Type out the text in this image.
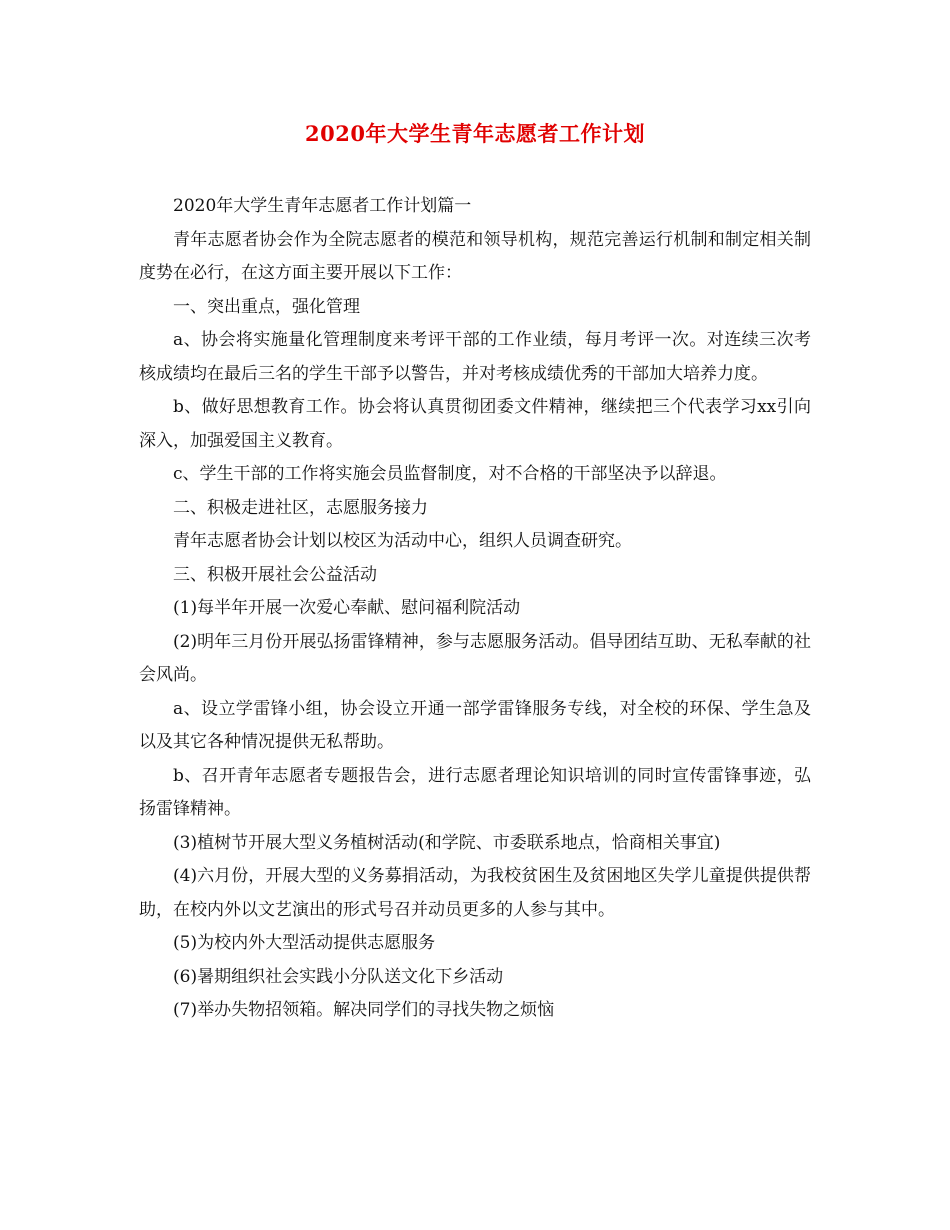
2020年大学生青年志愿者工作计划

2020年大学生青年志愿者工作计划篇一

青年志愿者协会作为全院志愿者的模范和领导机构，规范完善运行机制和制定相关制度势在必行，在这方面主要开展以下工作：

一、突出重点，强化管理

a、协会将实施量化管理制度来考评干部的工作业绩，每月考评一次。对连续三次考核成绩均在最后三名的学生干部予以警告，并对考核成绩优秀的干部加大培养力度。

b、做好思想教育工作。协会将认真贯彻团委文件精神，继续把三个代表学习xx引向深入，加强爱国主义教育。

c、学生干部的工作将实施会员监督制度，对不合格的干部坚决予以辞退。

二、积极走进社区，志愿服务接力

青年志愿者协会计划以校区为活动中心，组织人员调查研究。

三、积极开展社会公益活动

(1)每半年开展一次爱心奉献、慰问福利院活动

(2)明年三月份开展弘扬雷锋精神，参与志愿服务活动。倡导团结互助、无私奉献的社会风尚。

a、设立学雷锋小组，协会设立开通一部学雷锋服务专线，对全校的环保、学生急及以及其它各种情况提供无私帮助。

b、召开青年志愿者专题报告会，进行志愿者理论知识培训的同时宣传雷锋事迹，弘扬雷锋精神。

(3)植树节开展大型义务植树活动(和学院、市委联系地点，恰商相关事宜)

(4)六月份，开展大型的义务募捐活动，为我校贫困生及贫困地区失学儿童提供提供帮助，在校内外以文艺演出的形式号召并动员更多的人参与其中。

(5)为校内外大型活动提供志愿服务

(6)暑期组织社会实践小分队送文化下乡活动

(7)举办失物招领箱。解决同学们的寻找失物之烦恼
